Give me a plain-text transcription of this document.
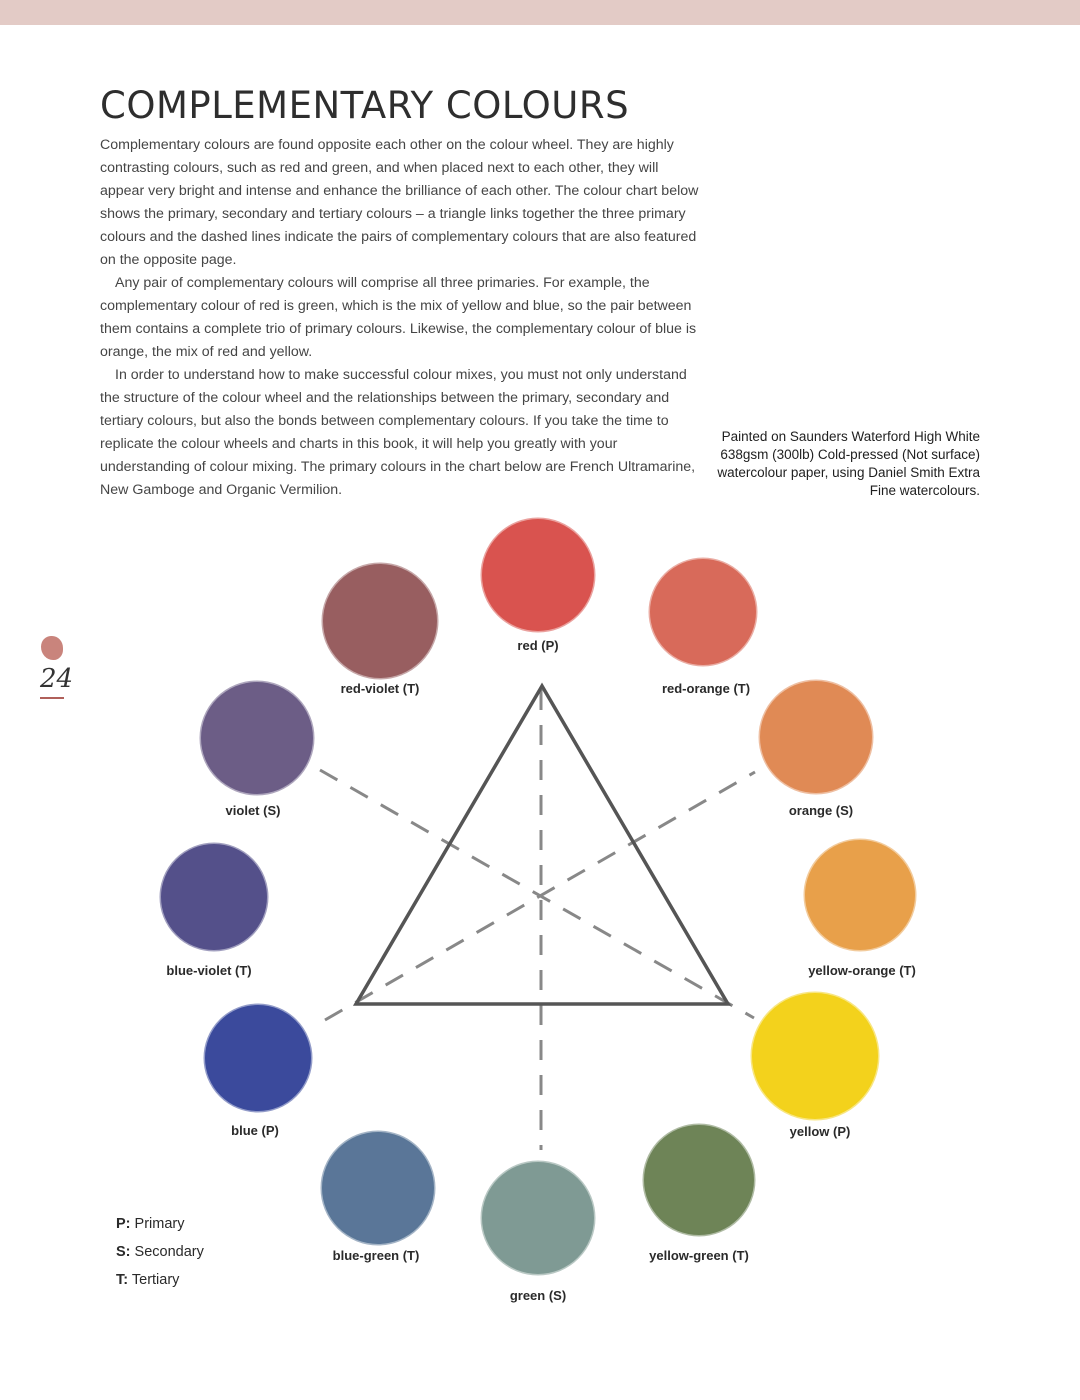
COMPLEMENTARY COLOURS

Complementary colours are found opposite each other on the colour wheel. They are highly contrasting colours, such as red and green, and when placed next to each other, they will appear very bright and intense and enhance the brilliance of each other. The colour chart below shows the primary, secondary and tertiary colours – a triangle links together the three primary colours and the dashed lines indicate the pairs of complementary colours that are also featured on the opposite page.

Any pair of complementary colours will comprise all three primaries. For example, the complementary colour of red is green, which is the mix of yellow and blue, so the pair between them contains a complete trio of primary colours. Likewise, the complementary colour of blue is orange, the mix of red and yellow.

In order to understand how to make successful colour mixes, you must not only understand the structure of the colour wheel and the relationships between the primary, secondary and tertiary colours, but also the bonds between complementary colours. If you take the time to replicate the colour wheels and charts in this book, it will help you greatly with your understanding of colour mixing. The primary colours in the chart below are French Ultramarine, New Gamboge and Organic Vermilion.

Painted on Saunders Waterford High White 638gsm (300lb) Cold-pressed (Not surface) watercolour paper, using Daniel Smith Extra Fine watercolours.
24
red (P)
red-orange (T)
orange (S)
yellow-orange (T)
yellow (P)
yellow-green (T)
green (S)
blue-green (T)
blue (P)
blue-violet (T)
violet (S)
red-violet (T)
P: Primary
S: Secondary
T: Tertiary
